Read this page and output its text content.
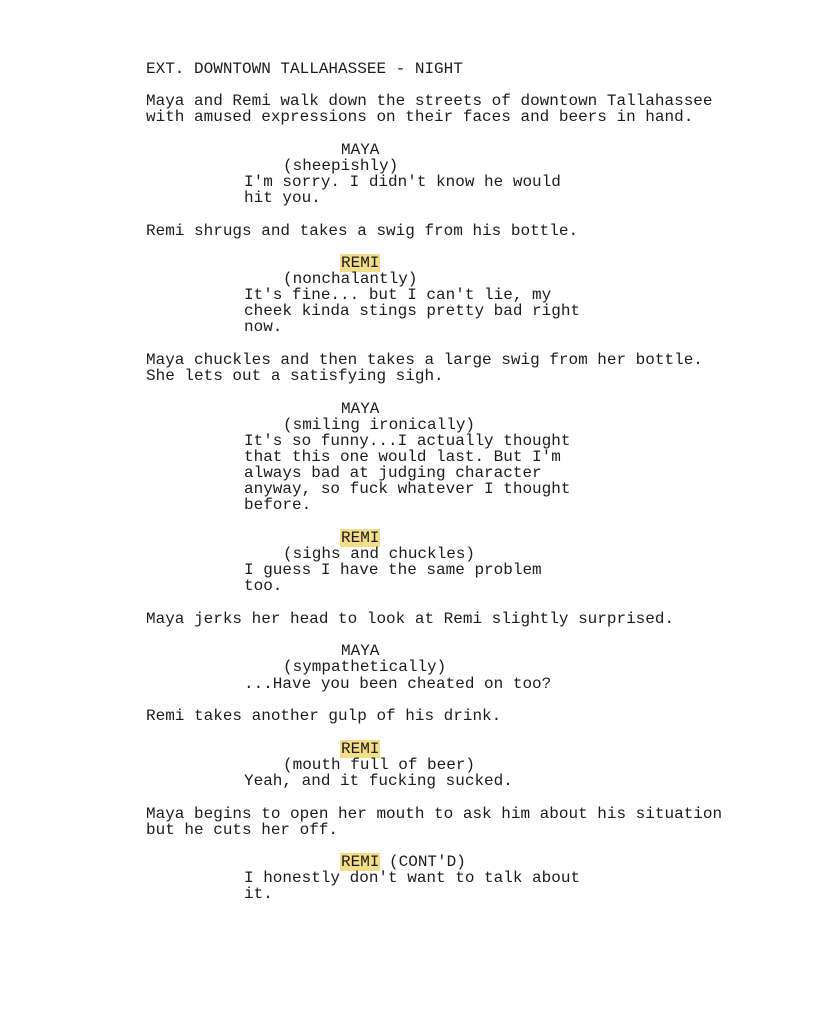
EXT. DOWNTOWN TALLAHASSEE - NIGHT
Maya and Remi walk down the streets of downtown Tallahassee
with amused expressions on their faces and beers in hand.
MAYA
(sheepishly)
I'm sorry. I didn't know he would
hit you.
Remi shrugs and takes a swig from his bottle.
REMI
(nonchalantly)
It's fine... but I can't lie, my
cheek kinda stings pretty bad right
now.
Maya chuckles and then takes a large swig from her bottle.
She lets out a satisfying sigh.
MAYA
(smiling ironically)
It's so funny...I actually thought
that this one would last. But I'm
always bad at judging character
anyway, so fuck whatever I thought
before.
REMI
(sighs and chuckles)
I guess I have the same problem
too.
Maya jerks her head to look at Remi slightly surprised.
MAYA
(sympathetically)
...Have you been cheated on too?
Remi takes another gulp of his drink.
REMI
(mouth full of beer)
Yeah, and it fucking sucked.
Maya begins to open her mouth to ask him about his situation
but he cuts her off.
REMI (CONT'D)
I honestly don't want to talk about
it.
